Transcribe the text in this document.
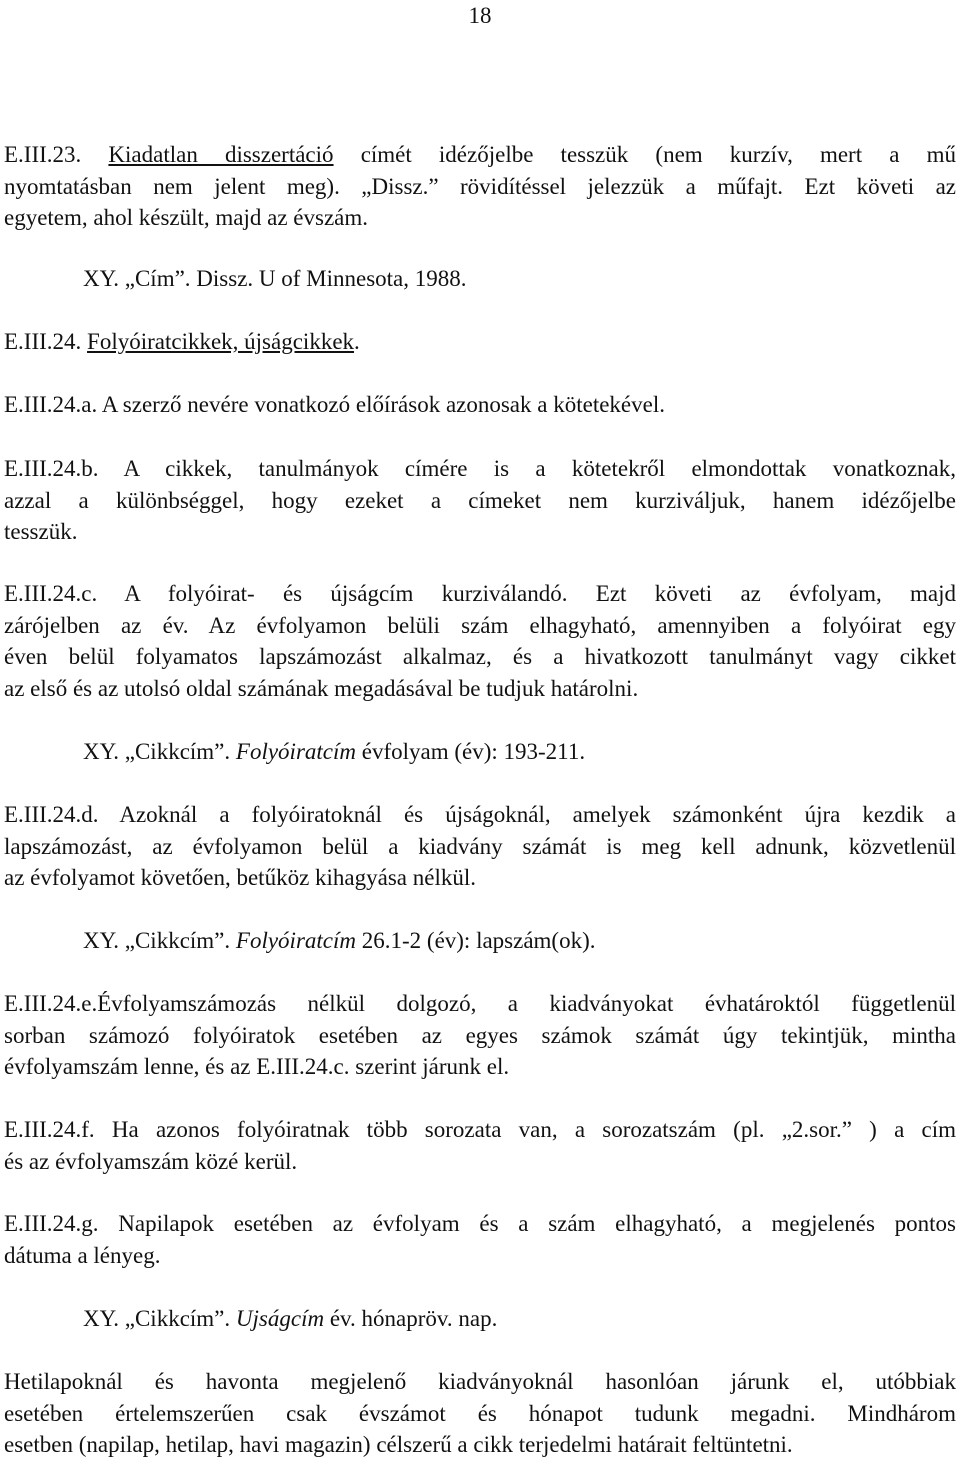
18
E.III.23. Kiadatlan disszertáció címét idézőjelbe tesszük (nem kurzív, mert a mű
nyomtatásban nem jelent meg). „Dissz.” rövidítéssel jelezzük a műfajt. Ezt követi az
egyetem, ahol készült, majd az évszám.
XY. „Cím”. Dissz. U of Minnesota, 1988.
E.III.24. Folyóiratcikkek, újságcikkek.
E.III.24.a. A szerző nevére vonatkozó előírások azonosak a kötetekével.
E.III.24.b. A cikkek, tanulmányok címére is a kötetekről elmondottak vonatkoznak,
azzal a különbséggel, hogy ezeket a címeket nem kurziváljuk, hanem idézőjelbe
tesszük.
E.III.24.c. A folyóirat- és újságcím kurziválandó. Ezt követi az évfolyam, majd
zárójelben az év. Az évfolyamon belüli szám elhagyható, amennyiben a folyóirat egy
éven belül folyamatos lapszámozást alkalmaz, és a hivatkozott tanulmányt vagy cikket
az első és az utolsó oldal számának megadásával be tudjuk határolni.
XY. „Cikkcím”. Folyóiratcím évfolyam (év): 193-211.
E.III.24.d. Azoknál a folyóiratoknál és újságoknál, amelyek számonként újra kezdik a
lapszámozást, az évfolyamon belül a kiadvány számát is meg kell adnunk, közvetlenül
az évfolyamot követően, betűköz kihagyása nélkül.
XY. „Cikkcím”. Folyóiratcím 26.1-2 (év): lapszám(ok).
E.III.24.e.Évfolyamszámozás nélkül dolgozó, a kiadványokat évhatároktól függetlenül
sorban számozó folyóiratok esetében az egyes számok számát úgy tekintjük, mintha
évfolyamszám lenne, és az E.III.24.c. szerint járunk el.
E.III.24.f. Ha azonos folyóiratnak több sorozata van, a sorozatszám (pl. „2.sor.” ) a cím
és az évfolyamszám közé kerül.
E.III.24.g. Napilapok esetében az évfolyam és a szám elhagyható, a megjelenés pontos
dátuma a lényeg.
XY. „Cikkcím”. Ujságcím év. hónapröv. nap.
Hetilapoknál és havonta megjelenő kiadványoknál hasonlóan járunk el, utóbbiak
esetében értelemszerűen csak évszámot és hónapot tudunk megadni. Mindhárom
esetben (napilap, hetilap, havi magazin) célszerű a cikk terjedelmi határait feltüntetni.
